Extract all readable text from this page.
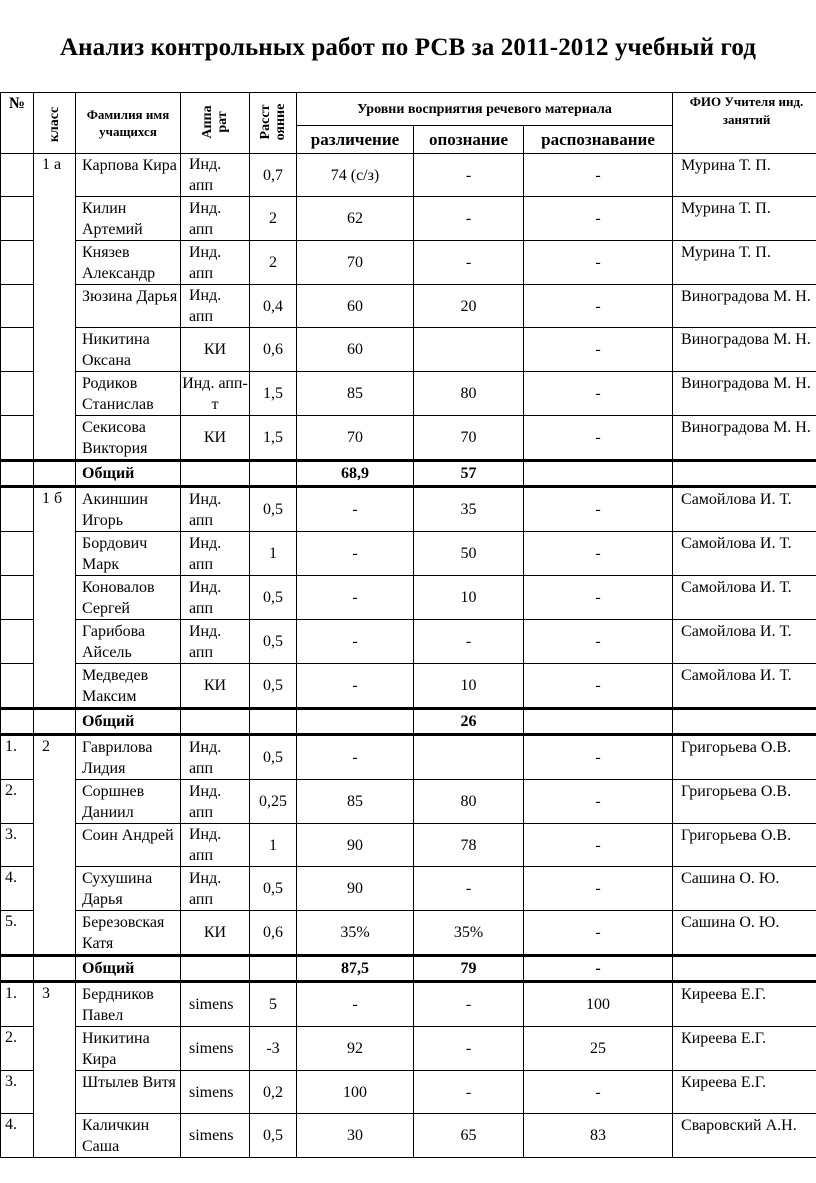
Анализ контрольных работ по РСВ за 2011-2012 учебный год
№	класс	Фамилия имя учащихся	Аппа рат	Расст ояние	Уровни восприятия речевого материала			ФИО Учителя инд. занятий
					различение	опознание	распознавание	
	1 а	Карпова Кира	Инд. апп	0,7	74 (с/з)	-	-	Мурина Т. П.
		Килин Артемий	Инд. апп	2	62	-	-	Мурина Т. П.
		Князев Александр	Инд. апп	2	70	-	-	Мурина Т. П.
		Зюзина Дарья	Инд. апп	0,4	60	20	-	Виноградова М. Н.
		Никитина Оксана	КИ	0,6	60		-	Виноградова М. Н.
		Родиков Станислав	Инд. апп-т	1,5	85	80	-	Виноградова М. Н.
		Секисова Виктория	КИ	1,5	70	70	-	Виноградова М. Н.
		Общий			68,9	57		
	1 б	Акиншин Игорь	Инд. апп	0,5	-	35	-	Самойлова И. Т.
		Бордович Марк	Инд. апп	1	-	50	-	Самойлова И. Т.
		Коновалов Сергей	Инд. апп	0,5	-	10	-	Самойлова И. Т.
		Гарибова Айсель	Инд. апп	0,5	-	-	-	Самойлова И. Т.
		Медведев Максим	КИ	0,5	-	10	-	Самойлова И. Т.
		Общий				26		
1.	2	Гаврилова Лидия	Инд. апп	0,5	-		-	Григорьева О.В.
2.		Соршнев Даниил	Инд. апп	0,25	85	80	-	Григорьева О.В.
3.		Соин Андрей	Инд. апп	1	90	78	-	Григорьева О.В.
4.		Сухушина Дарья	Инд. апп	0,5	90	-	-	Сашина О. Ю.
5.		Березовская Катя	КИ	0,6	35%	35%	-	Сашина О. Ю.
		Общий			87,5	79	-	
1.	3	Бердников Павел	simens	5	-	-	100	Киреева Е.Г.
2.		Никитина Кира	simens	-3	92	-	25	Киреева Е.Г.
3.		Штылев Витя	simens	0,2	100	-	-	Киреева Е.Г.
4.		Каличкин Саша	simens	0,5	30	65	83	Сваровский А.Н.
